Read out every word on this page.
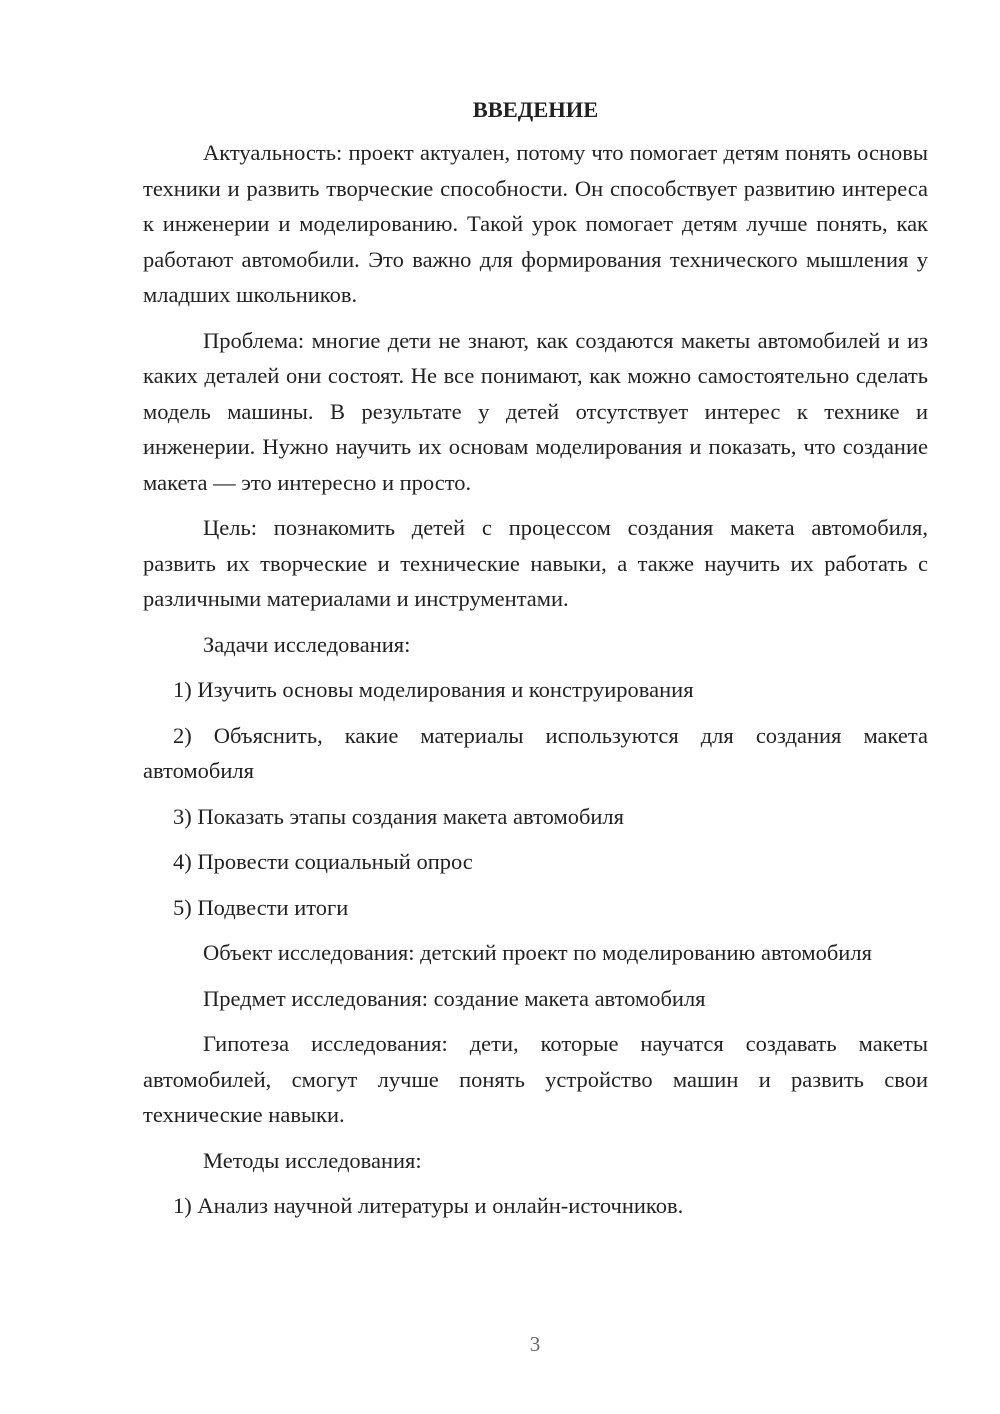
ВВЕДЕНИЕ

Актуальность: проект актуален, потому что помогает детям понять основы техники и развить творческие способности. Он способствует развитию интереса к инженерии и моделированию. Такой урок помогает детям лучше понять, как работают автомобили. Это важно для формирования технического мышления у младших школьников.

Проблема: многие дети не знают, как создаются макеты автомобилей и из каких деталей они состоят. Не все понимают, как можно самостоятельно сделать модель машины. В результате у детей отсутствует интерес к технике и инженерии. Нужно научить их основам моделирования и показать, что создание макета — это интересно и просто.

Цель: познакомить детей с процессом создания макета автомобиля, развить их творческие и технические навыки, а также научить их работать с различными материалами и инструментами.

Задачи исследования:

1) Изучить основы моделирования и конструирования

2) Объяснить, какие материалы используются для создания макета автомобиля

3) Показать этапы создания макета автомобиля

4) Провести социальный опрос

5) Подвести итоги

Объект исследования: детский проект по моделированию автомобиля

Предмет исследования: создание макета автомобиля

Гипотеза исследования: дети, которые научатся создавать макеты автомобилей, смогут лучше понять устройство машин и развить свои технические навыки.

Методы исследования:

1) Анализ научной литературы и онлайн-источников.

3
